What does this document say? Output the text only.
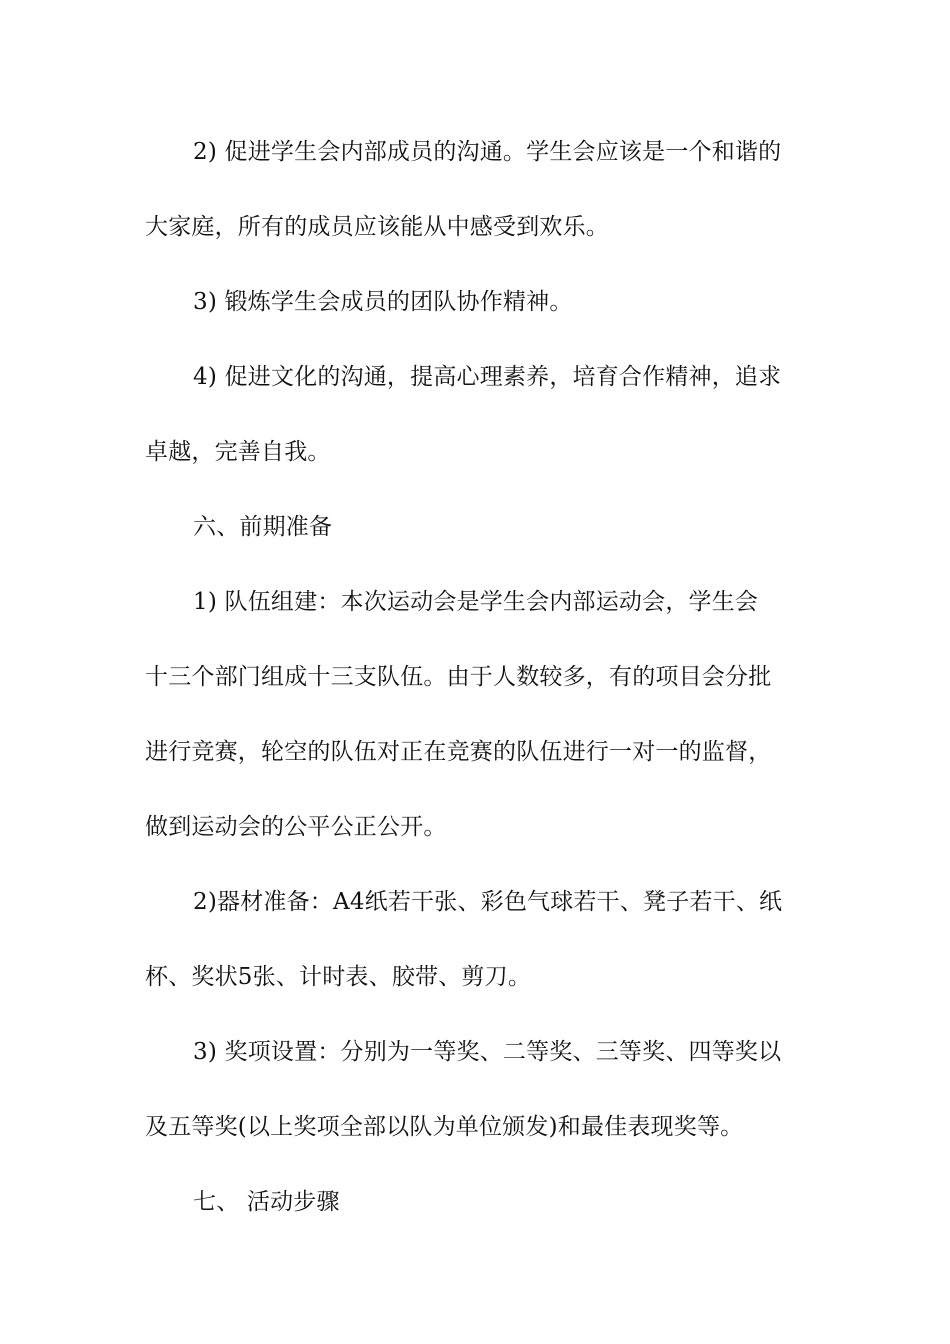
2) 促进学生会内部成员的沟通。学生会应该是一个和谐的
大家庭，所有的成员应该能从中感受到欢乐。
3) 锻炼学生会成员的团队协作精神。
4) 促进文化的沟通，提高心理素养，培育合作精神，追求
卓越，完善自我。
六、前期准备
1) 队伍组建：本次运动会是学生会内部运动会，学生会
十三个部门组成十三支队伍。由于人数较多，有的项目会分批
进行竞赛，轮空的队伍对正在竞赛的队伍进行一对一的监督，
做到运动会的公平公正公开。
2)器材准备：A4纸若干张、彩色气球若干、凳子若干、纸
杯、奖状5张、计时表、胶带、剪刀。
3) 奖项设置：分别为一等奖、二等奖、三等奖、四等奖以
及五等奖(以上奖项全部以队为单位颁发)和最佳表现奖等。
七、 活动步骤
